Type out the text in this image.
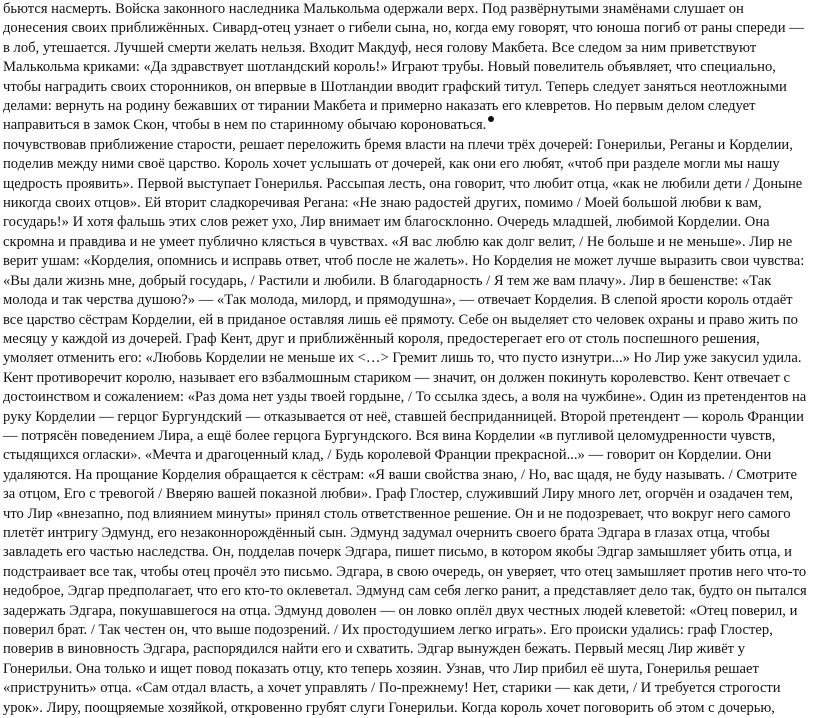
бьются насмерть. Войска законного наследника Малькольма одержали верх. Под развёрнутыми знамёнами слушает он донесения своих приближённых. Сивард-отец узнает о гибели сына, но, когда ему говорят, что юноша погиб от раны спереди — в лоб, утешается. Лучшей смерти желать нельзя. Входит Макдуф, неся голову Макбета. Все следом за ним приветствуют Малькольма криками: «Да здравствует шотландский король!» Играют трубы. Новый повелитель объявляет, что специально, чтобы наградить своих сторонников, он впервые в Шотландии вводит графский титул. Теперь следует заняться неотложными делами: вернуть на родину бежавших от тирании Макбета и примерно наказать его клевретов. Но первым делом следует направиться в замок Скон, чтобы в нем по старинному обычаю короноваться.

почувствовав приближение старости, решает переложить бремя власти на плечи трёх дочерей: Гонерильи, Реганы и Корделии, поделив между ними своё царство. Король хочет услышать от дочерей, как они его любят, «чтоб при разделе могли мы нашу щедрость проявить». Первой выступает Гонерилья. Рассыпая лесть, она говорит, что любит отца, «как не любили дети / Доныне никогда своих отцов». Ей вторит сладкоречивая Регана: «Не знаю радостей других, помимо / Моей большой любви к вам, государь!» И хотя фальшь этих слов режет ухо, Лир внимает им благосклонно. Очередь младшей, любимой Корделии. Она скромна и правдива и не умеет публично клясться в чувствах. «Я вас люблю как долг велит, / Не больше и не меньше». Лир не верит ушам: «Корделия, опомнись и исправь ответ, чтоб после не жалеть». Но Корделия не может лучше выразить свои чувства: «Вы дали жизнь мне, добрый государь, / Растили и любили. В благодарность / Я тем же вам плачу». Лир в бешенстве: «Так молода и так черства душою?» — «Так молода, милорд, и прямодушна», — отвечает Корделия. В слепой ярости король отдаёт все царство сёстрам Корделии, ей в приданое оставляя лишь её прямоту. Себе он выделяет сто человек охраны и право жить по месяцу у каждой из дочерей. Граф Кент, друг и приближённый короля, предостерегает его от столь поспешного решения, умоляет отменить его: «Любовь Корделии не меньше их <…> Гремит лишь то, что пусто изнутри...» Но Лир уже закусил удила. Кент противоречит королю, называет его взбалмошным стариком — значит, он должен покинуть королевство. Кент отвечает с достоинством и сожалением: «Раз дома нет узды твоей гордыне, / То ссылка здесь, а воля на чужбине». Один из претендентов на руку Корделии — герцог Бургундский — отказывается от неё, ставшей бесприданницей. Второй претендент — король Франции — потрясён поведением Лира, а ещё более герцога Бургундского. Вся вина Корделии «в пугливой целомудренности чувств, стыдящихся огласки». «Мечта и драгоценный клад, / Будь королевой Франции прекрасной...» — говорит он Корделии. Они удаляются. На прощание Корделия обращается к сёстрам: «Я ваши свойства знаю, / Но, вас щадя, не буду называть. / Смотрите за отцом, Его с тревогой / Вверяю вашей показной любви». Граф Глостер, служивший Лиру много лет, огорчён и озадачен тем, что Лир «внезапно, под влиянием минуты» принял столь ответственное решение. Он и не подозревает, что вокруг него самого плетёт интригу Эдмунд, его незаконнорождённый сын. Эдмунд задумал очернить своего брата Эдгара в глазах отца, чтобы завладеть его частью наследства. Он, подделав почерк Эдгара, пишет письмо, в котором якобы Эдгар замышляет убить отца, и подстраивает все так, чтобы отец прочёл это письмо. Эдгара, в свою очередь, он уверяет, что отец замышляет против него что-то недоброе, Эдгар предполагает, что его кто-то оклеветал. Эдмунд сам себя легко ранит, а представляет дело так, будто он пытался задержать Эдгара, покушавшегося на отца. Эдмунд доволен — он ловко оплёл двух честных людей клеветой: «Отец поверил, и поверил брат. / Так честен он, что выше подозрений. / Их простодушием легко играть». Его происки удались: граф Глостер, поверив в виновность Эдгара, распорядился найти его и схватить. Эдгар вынужден бежать. Первый месяц Лир живёт у Гонерильи. Она только и ищет повод показать отцу, кто теперь хозяин. Узнав, что Лир прибил её шута, Гонерилья решает «приструнить» отца. «Сам отдал власть, а хочет управлять / По-прежнему! Нет, старики — как дети, / И требуется строгости урок». Лиру, поощряемые хозяйкой, откровенно грубят слуги Гонерильи. Когда король хочет поговорить об этом с дочерью,
